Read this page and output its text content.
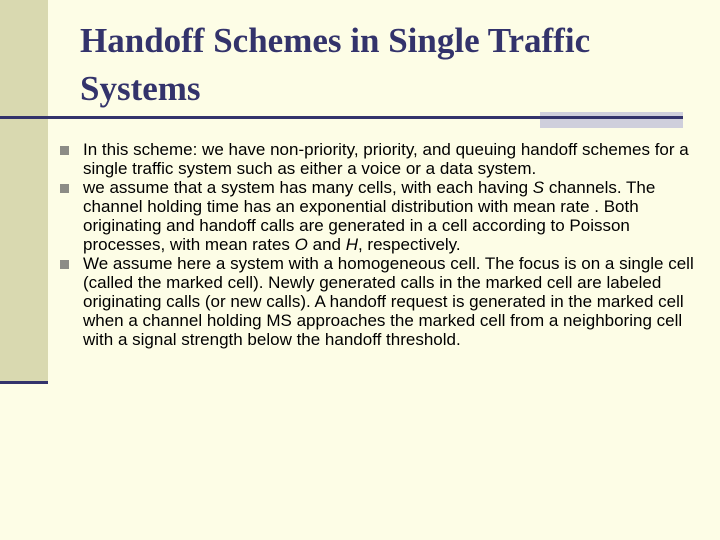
Handoff Schemes in Single Traffic Systems
In this scheme: we have non-priority, priority, and queuing handoff schemes for a single traffic system such as either a voice or a data system.
we assume that a system has many cells, with each having S channels. The channel holding time has an exponential distribution with mean rate . Both originating and handoff calls are generated in a cell according to Poisson processes, with mean rates O and H, respectively.
We assume here a system with a homogeneous cell. The focus is on a single cell (called the marked cell). Newly generated calls in the marked cell are labeled originating calls (or new calls). A handoff request is generated in the marked cell when a channel holding MS approaches the marked cell from a neighboring cell with a signal strength below the handoff threshold.
